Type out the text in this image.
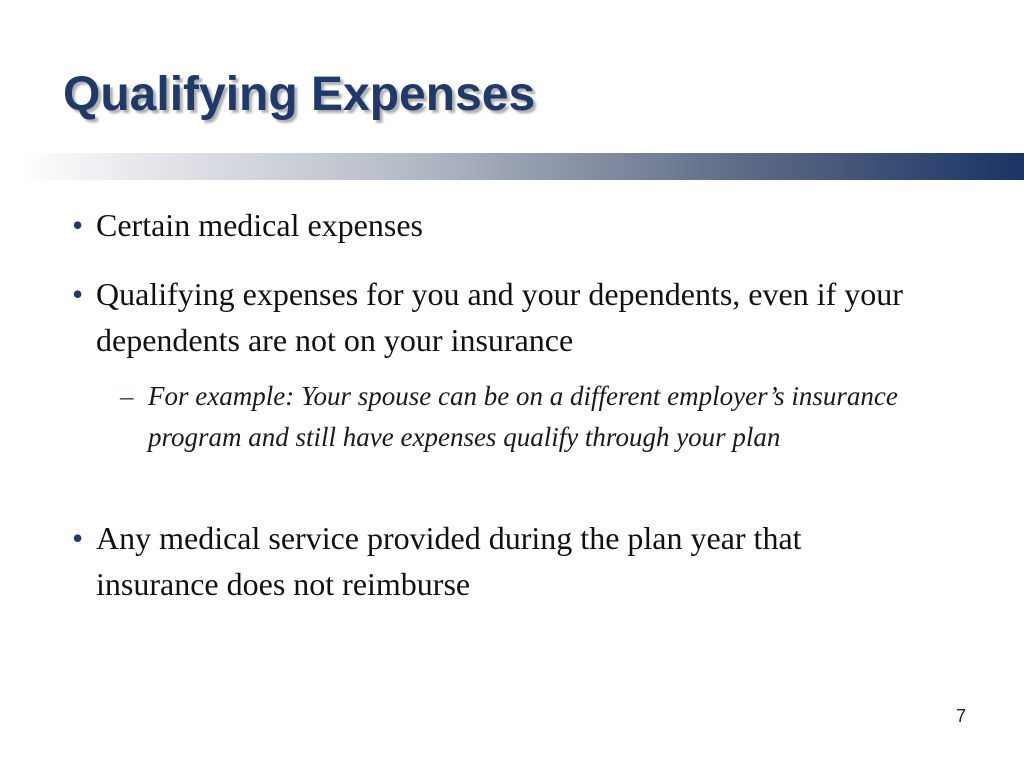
Qualifying Expenses
• Certain medical expenses
• Qualifying expenses for you and your dependents, even if your dependents are not on your insurance
– For example: Your spouse can be on a different employer’s insurance program and still have expenses qualify through your plan
• Any medical service provided during the plan year that insurance does not reimburse
7
